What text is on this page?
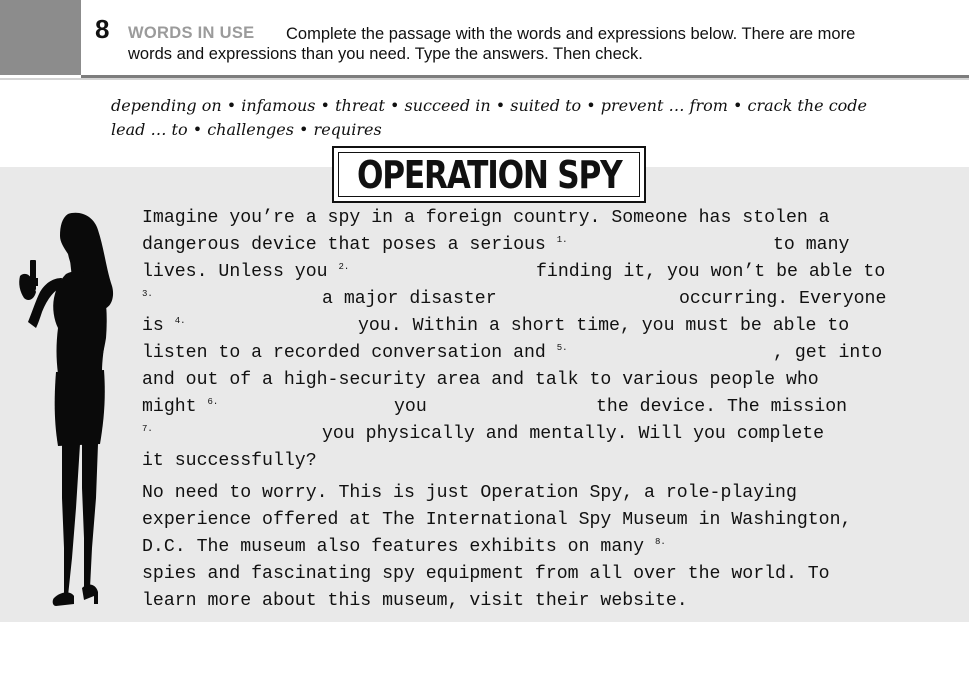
8 WORDS IN USE Complete the passage with the words and expressions below. There are more
words and expressions than you need. Type the answers. Then check.
depending on • infamous • threat • succeed in • suited to • prevent … from • crack the code
lead … to • challenges • requires
OPERATION SPY
Imagine you’re a spy in a foreign country. Someone has stolen a
dangerous device that poses a serious $^{1.}$	to many
lives. Unless you $^{2.}$	finding it, you won’t be able to
$^{3.}$	a major disaster	occurring. Everyone
is $^{4.}$	you. Within a short time, you must be able to
listen to a recorded conversation and $^{5.}$	, get into
and out of a high-security area and talk to various people who
might $^{6.}$	you	the device. The mission
$^{7.}$	you physically and mentally. Will you complete
it successfully?
No need to worry. This is just Operation Spy, a role-playing
experience offered at The International Spy Museum in Washington,
D.C. The museum also features exhibits on many $^{8.}$
spies and fascinating spy equipment from all over the world. To
learn more about this museum, visit their website.
